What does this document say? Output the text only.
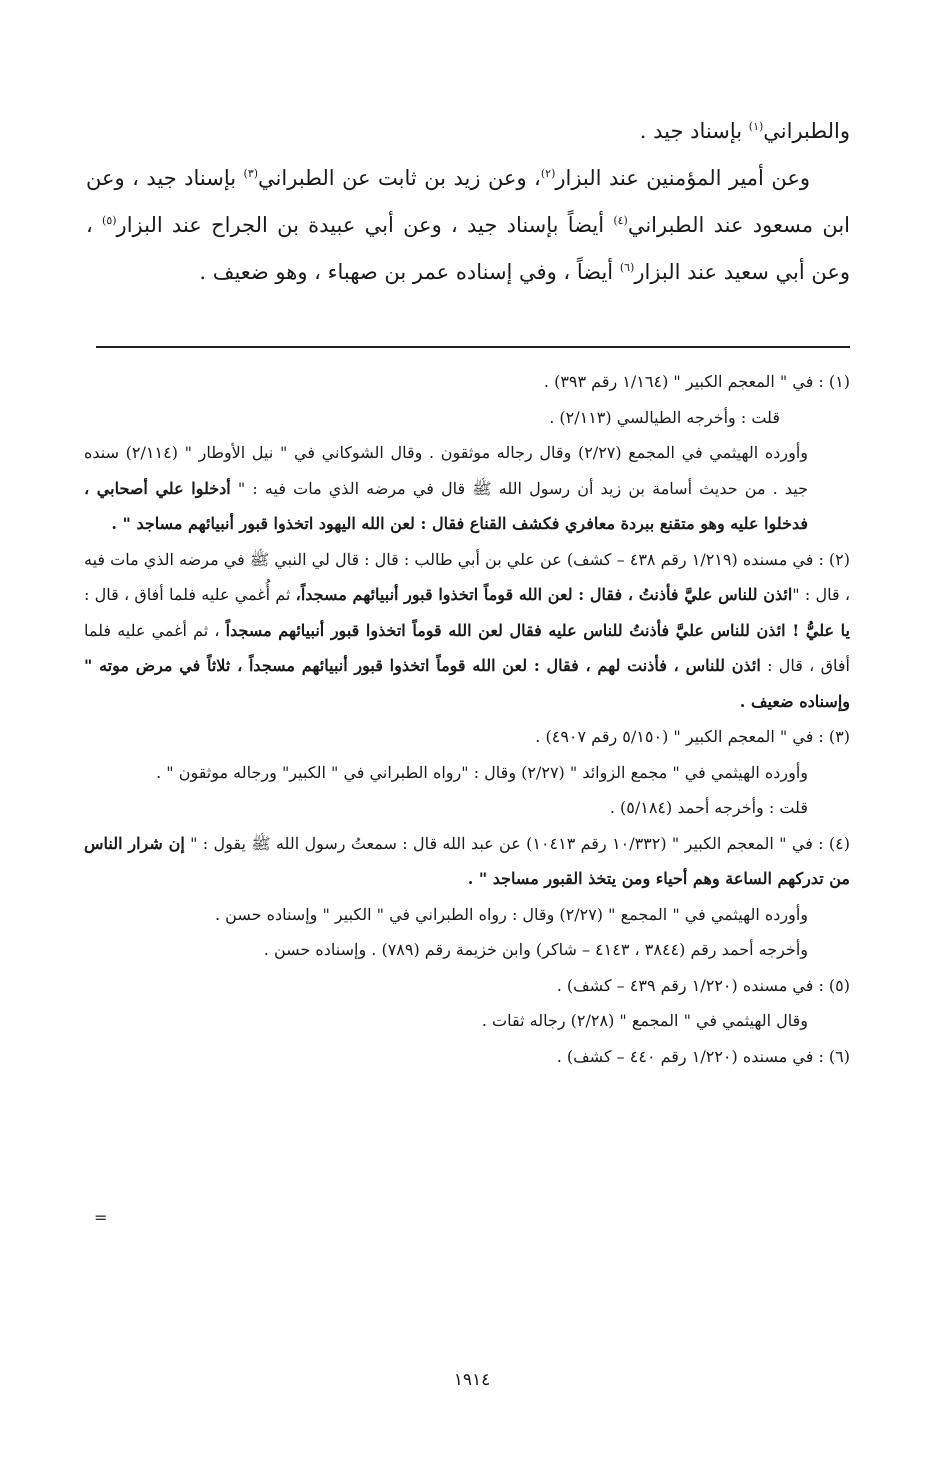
والطبراني$^{(١)}$ بإسناد جيد .

وعن أمير المؤمنين عند البزار$^{(٢)}$، وعن زيد بن ثابت عن الطبراني$^{(٣)}$ بإسناد جيد ، وعن ابن مسعود عند الطبراني$^{(٤)}$ أيضاً بإسناد جيد ، وعن أبي عبيدة بن الجراح عند البزار$^{(٥)}$ ، وعن أبي سعيد عند البزار$^{(٦)}$ أيضاً ، وفي إسناده عمر بن صهباء ، وهو ضعيف .

(١) : في " المعجم الكبير " (١/١٦٤ رقم ٣٩٣) .

قلت : وأخرجه الطيالسي (٢/١١٣) .

وأورده الهيثمي في المجمع (٢/٢٧) وقال رجاله موثقون . وقال الشوكاني في " نيل الأوطار " (٢/١١٤) سنده جيد . من حديث أسامة بن زيد أن رسول الله ﷺ قال في مرضه الذي مات فيه : " أدخلوا علي أصحابي ، فدخلوا عليه وهو متقنع ببردة معافري فكشف القناع فقال : لعن الله اليهود اتخذوا قبور أنبيائهم مساجد " .

(٢) : في مسنده (١/٢١٩ رقم ٤٣٨ – كشف) عن علي بن أبي طالب : قال : قال لي النبي ﷺ في مرضه الذي مات فيه ، قال : "ائذن للناس عليَّ فأذنتُ ، فقال : لعن الله قوماً اتخذوا قبور أنبيائهم مسجداً، ثم أُغمي عليه فلما أفاق ، قال : يا عليُّ ! ائذن للناس عليَّ فأذنتُ للناس عليه فقال لعن الله قوماً اتخذوا قبور أنبيائهم مسجداً ، ثم أغمي عليه فلما أفاق ، قال : ائذن للناس ، فأذنت لهم ، فقال : لعن الله قوماً اتخذوا قبور أنبيائهم مسجداً ، ثلاثاً في مرض موته " وإسناده ضعيف .

(٣) : في " المعجم الكبير " (٥/١٥٠ رقم ٤٩٠٧) .

وأورده الهيثمي في " مجمع الزوائد " (٢/٢٧) وقال : "رواه الطبراني في " الكبير" ورجاله موثقون " .

قلت : وأخرجه أحمد (٥/١٨٤) .

(٤) : في " المعجم الكبير " (١٠/٣٣٢ رقم ١٠٤١٣) عن عبد الله قال : سمعتُ رسول الله ﷺ يقول : " إن شرار الناس من تدركهم الساعة وهم أحياء ومن يتخذ القبور مساجد " .

وأورده الهيثمي في " المجمع " (٢/٢٧) وقال : رواه الطبراني في " الكبير " وإسناده حسن .

وأخرجه أحمد رقم (٣٨٤٤ ، ٤١٤٣ – شاكر) وابن خزيمة رقم (٧٨٩) . وإسناده حسن .

(٥) : في مسنده (١/٢٢٠ رقم ٤٣٩ – كشف) .

وقال الهيثمي في " المجمع " (٢/٢٨) رجاله ثقات .

(٦) : في مسنده (١/٢٢٠ رقم ٤٤٠ – كشف) .

=
١٩١٤
